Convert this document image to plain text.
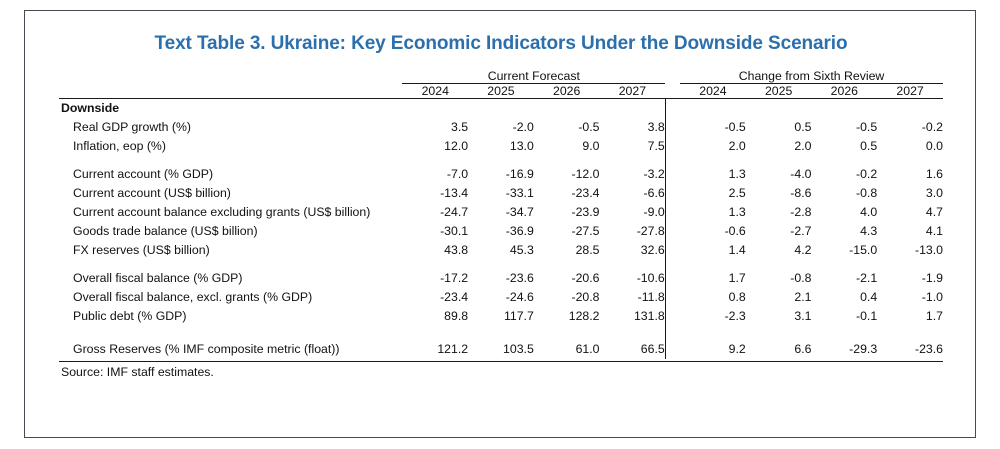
Text Table 3. Ukraine: Key Economic Indicators Under the Downside Scenario
	Current Forecast					Change from Sixth Review			
	2024	2025	2026	2027		2024	2025	2026	2027
Downside									
Real GDP growth (%)	3.5	-2.0	-0.5	3.8		-0.5	0.5	-0.5	-0.2
Inflation, eop (%)	12.0	13.0	9.0	7.5		2.0	2.0	0.5	0.0

Current account (% GDP)	-7.0	-16.9	-12.0	-3.2		1.3	-4.0	-0.2	1.6
Current account (US$ billion)	-13.4	-33.1	-23.4	-6.6		2.5	-8.6	-0.8	3.0
Current account balance excluding grants (US$ billion)	-24.7	-34.7	-23.9	-9.0		1.3	-2.8	4.0	4.7
Goods trade balance (US$ billion)	-30.1	-36.9	-27.5	-27.8		-0.6	-2.7	4.3	4.1
FX reserves (US$ billion)	43.8	45.3	28.5	32.6		1.4	4.2	-15.0	-13.0

Overall fiscal balance (% GDP)	-17.2	-23.6	-20.6	-10.6		1.7	-0.8	-2.1	-1.9
Overall fiscal balance, excl. grants (% GDP)	-23.4	-24.6	-20.8	-11.8		0.8	2.1	0.4	-1.0
Public debt (% GDP)	89.8	117.7	128.2	131.8		-2.3	3.1	-0.1	1.7

Gross Reserves (% IMF composite metric (float))	121.2	103.5	61.0	66.5		9.2	6.6	-29.3	-23.6
Source: IMF staff estimates.
